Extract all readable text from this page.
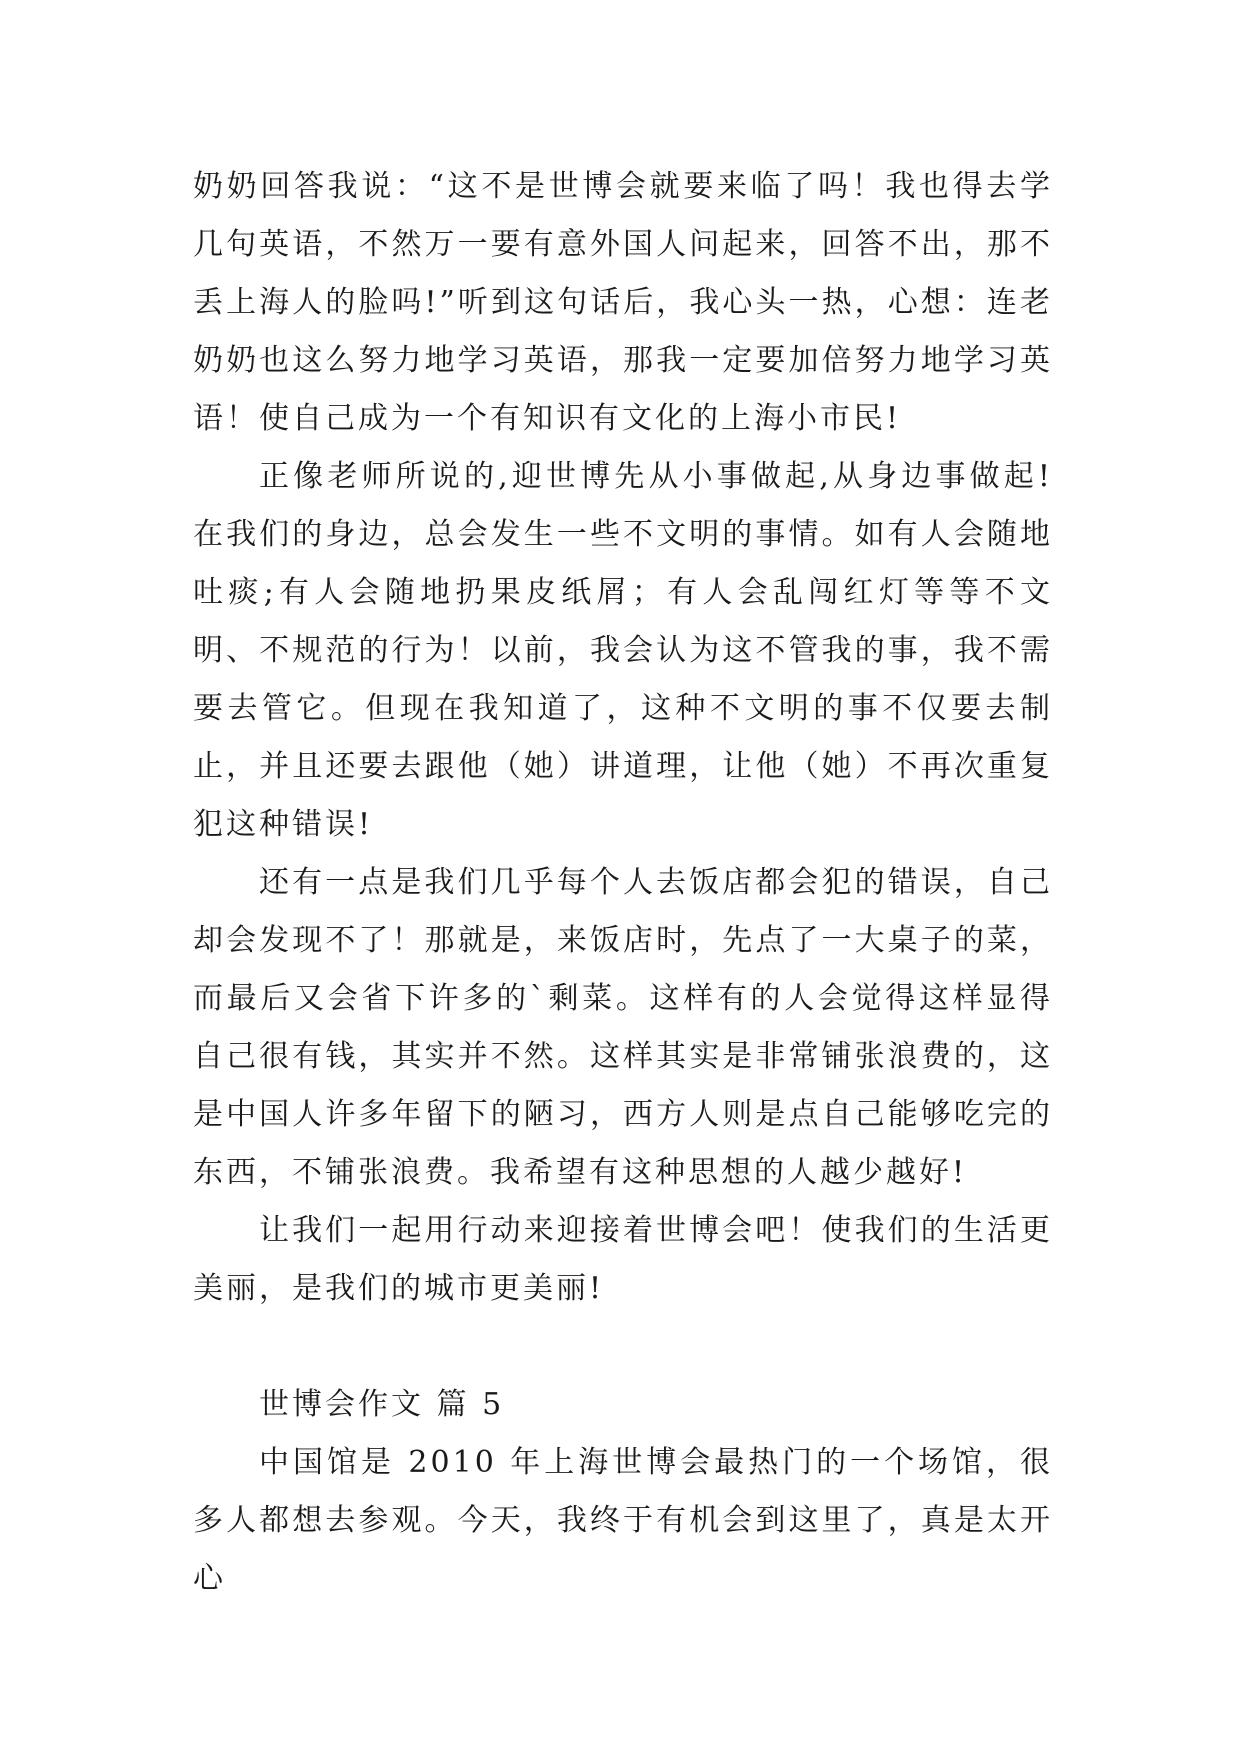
奶奶回答我说：“这不是世博会就要来临了吗！我也得去学几句英语，不然万一要有意外国人问起来，回答不出，那不丢上海人的脸吗!”听到这句话后，我心头一热，心想：连老奶奶也这么努力地学习英语，那我一定要加倍努力地学习英语！使自己成为一个有知识有文化的上海小市民!

正像老师所说的,迎世博先从小事做起,从身边事做起!在我们的身边，总会发生一些不文明的事情。如有人会随地吐痰;有人会随地扔果皮纸屑；有人会乱闯红灯等等不文明、不规范的行为！以前，我会认为这不管我的事，我不需要去管它。但现在我知道了，这种不文明的事不仅要去制止，并且还要去跟他（她）讲道理，让他（她）不再次重复犯这种错误!

还有一点是我们几乎每个人去饭店都会犯的错误，自己却会发现不了！那就是，来饭店时，先点了一大桌子的菜，而最后又会省下许多的`剩菜。这样有的人会觉得这样显得自己很有钱，其实并不然。这样其实是非常铺张浪费的，这是中国人许多年留下的陋习，西方人则是点自己能够吃完的东西，不铺张浪费。我希望有这种思想的人越少越好!

让我们一起用行动来迎接着世博会吧！使我们的生活更美丽，是我们的城市更美丽!

世博会作文 篇 5

中国馆是 2010 年上海世博会最热门的一个场馆，很多人都想去参观。今天，我终于有机会到这里了，真是太开心
